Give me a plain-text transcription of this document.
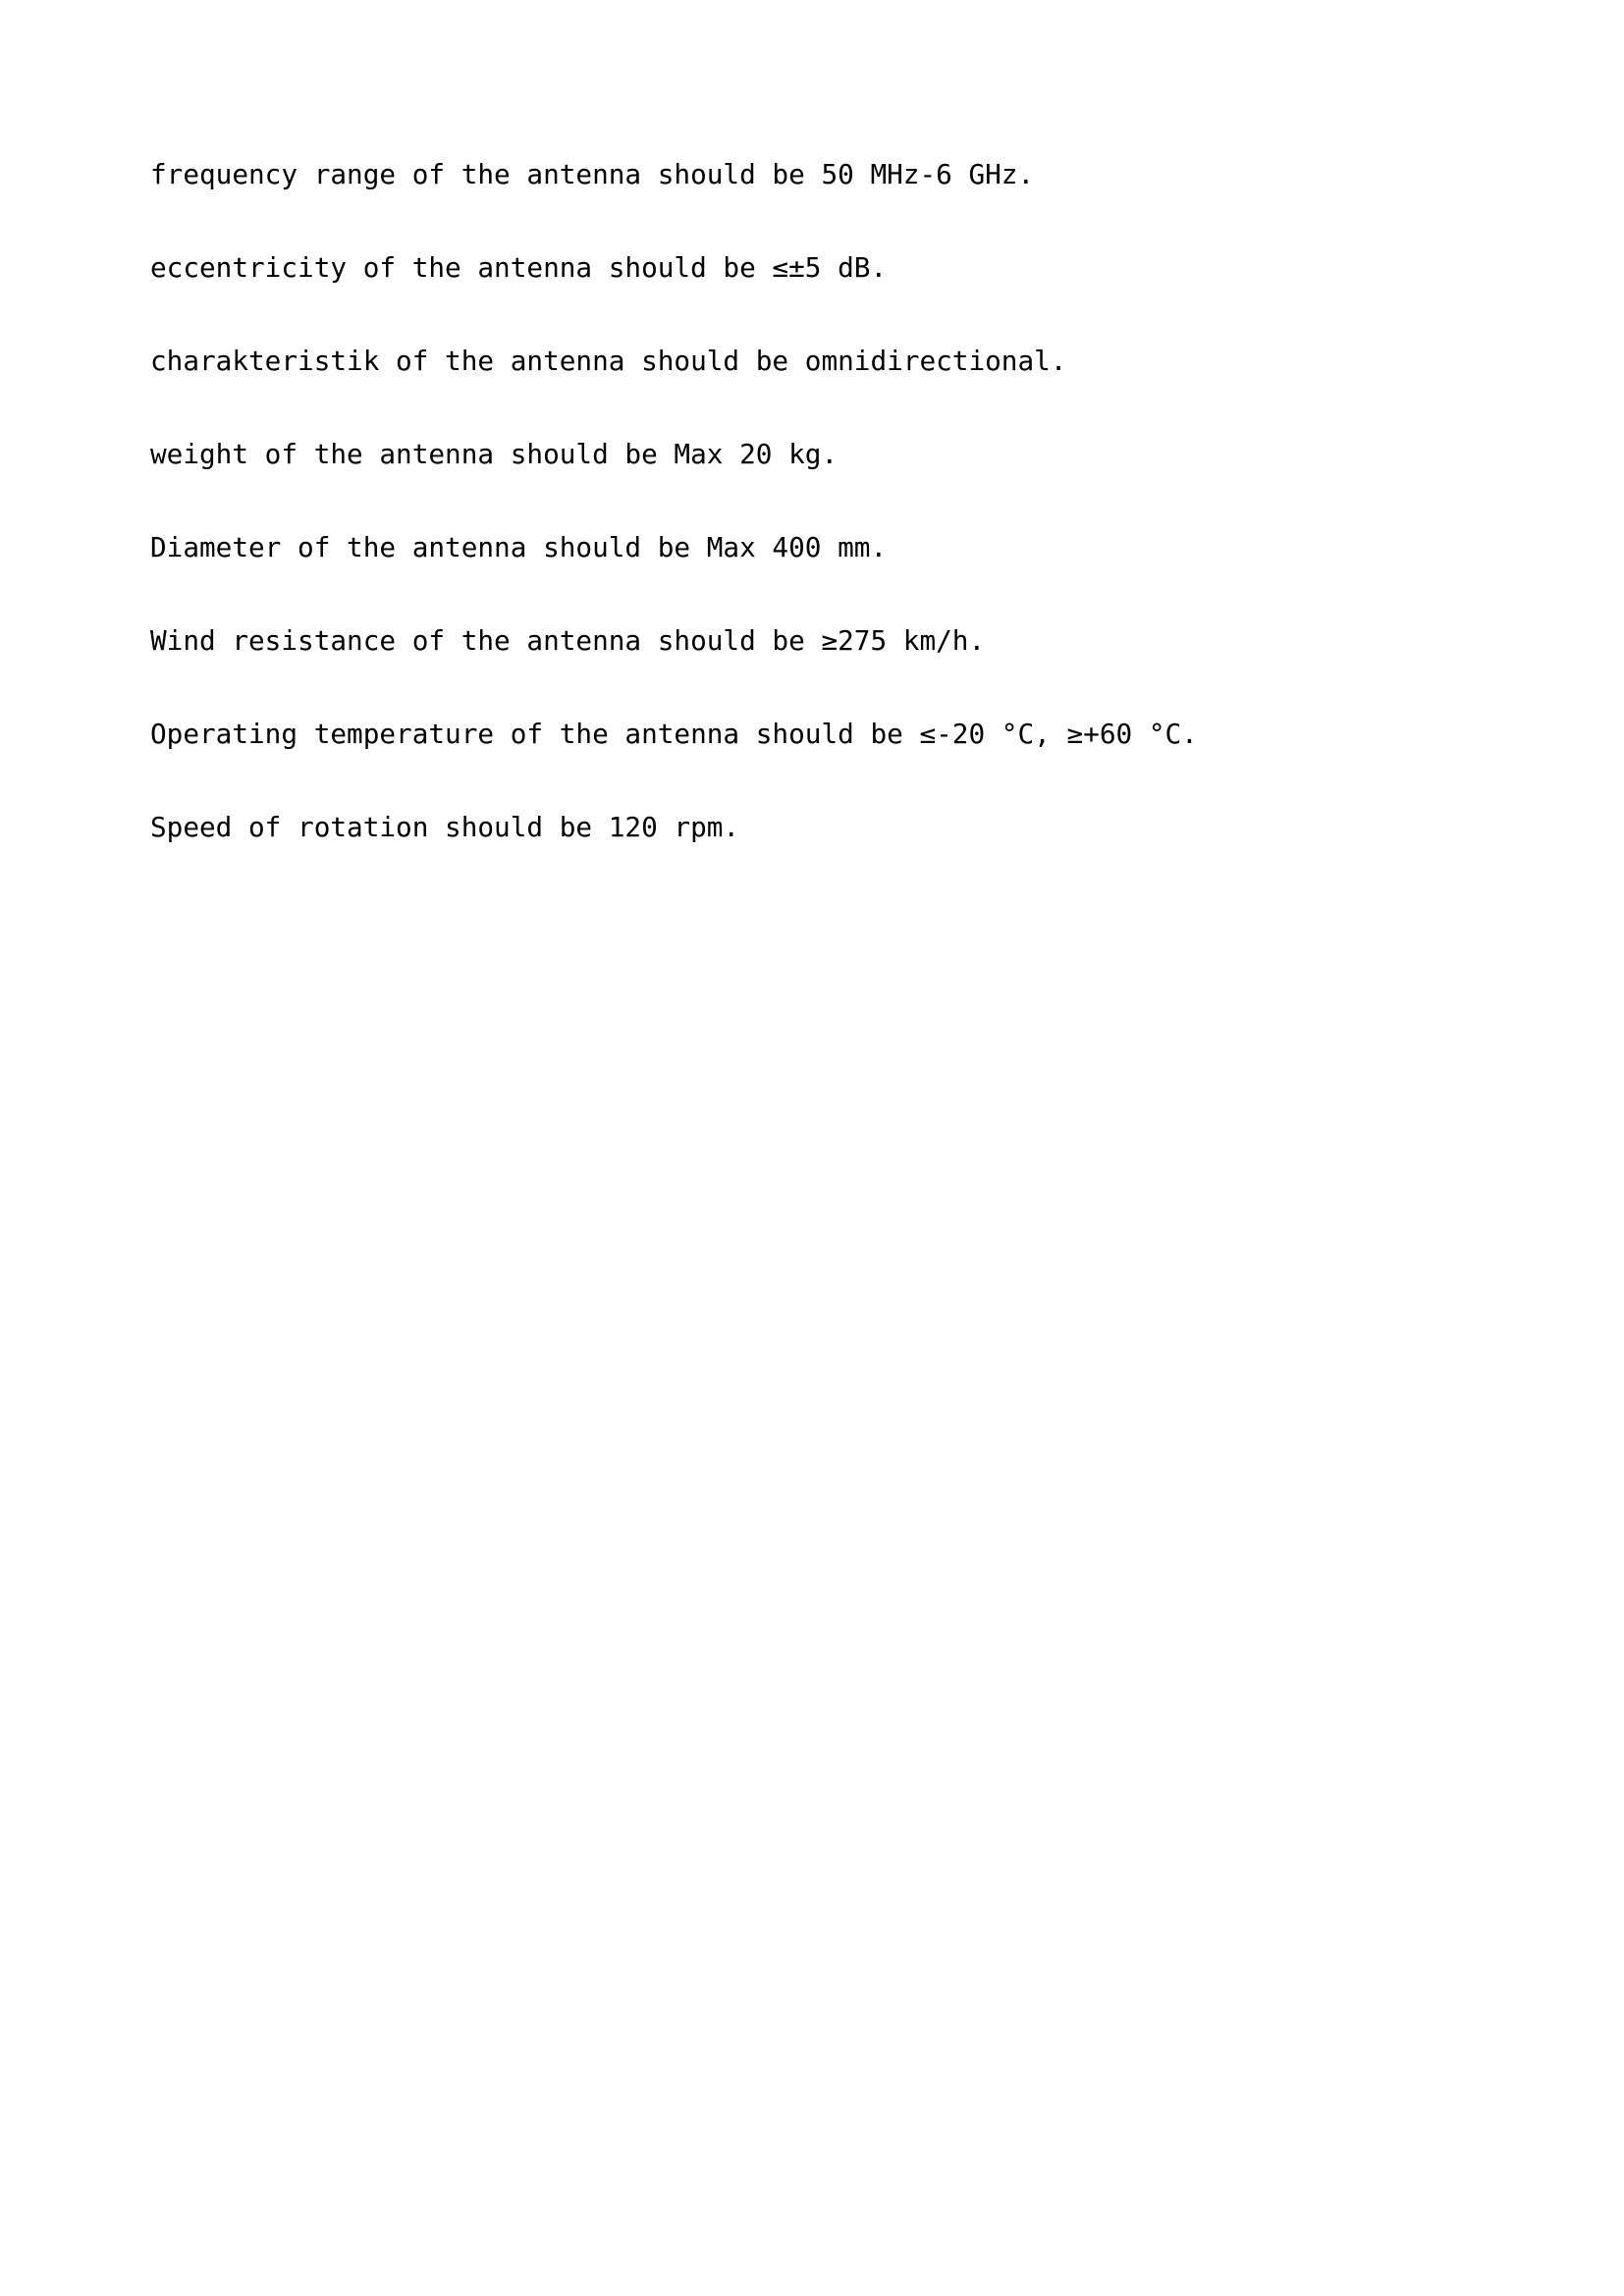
frequency range of the antenna should be 50 MHz-6 GHz.

eccentricity of the antenna should be ≤±5 dB.

charakteristik of the antenna should be omnidirectional.

weight of the antenna should be Max 20 kg.

Diameter of the antenna should be Max 400 mm.

Wind resistance of the antenna should be ≥275 km/h.

Operating temperature of the antenna should be ≤-20 °C, ≥+60 °C.

Speed of rotation should be 120 rpm.
